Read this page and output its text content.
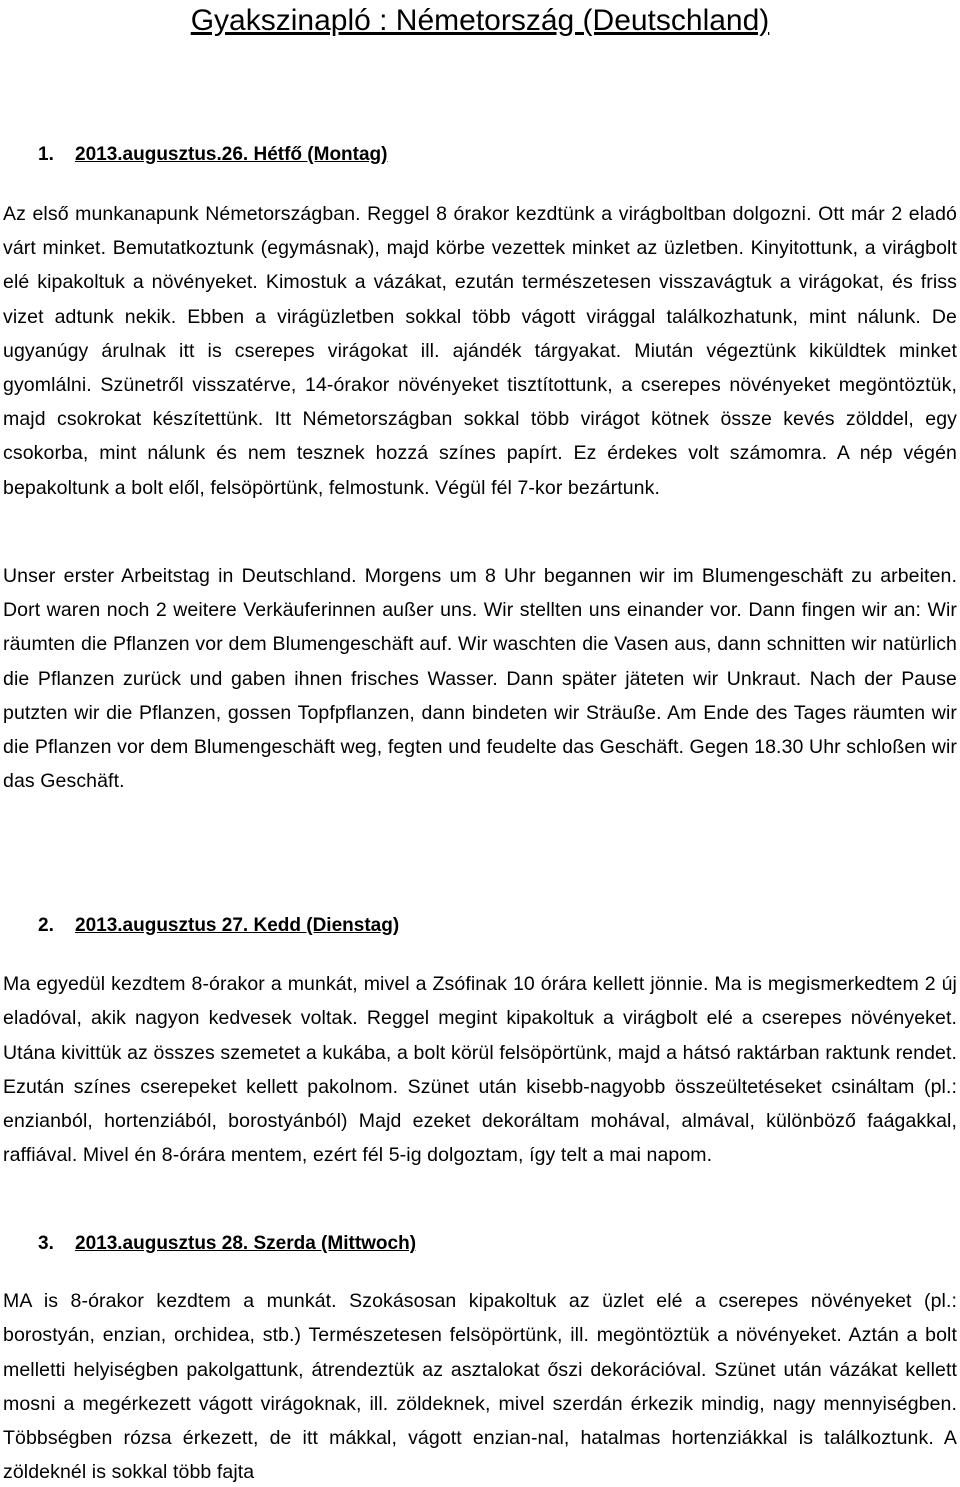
Gyakszinapló : Németország (Deutschland)
1. 2013.augusztus.26. Hétfő (Montag)

Az első munkanapunk Németországban. Reggel 8 órakor kezdtünk a virágboltban dolgozni. Ott már 2 eladó várt minket. Bemutatkoztunk (egymásnak), majd körbe vezettek minket az üzletben. Kinyitottunk, a virágbolt elé kipakoltuk a növényeket. Kimostuk a vázákat, ezután természetesen visszavágtuk a virágokat, és friss vizet adtunk nekik. Ebben a virágüzletben sokkal több vágott virággal találkozhatunk, mint nálunk. De ugyanúgy árulnak itt is cserepes virágokat ill. ajándék tárgyakat. Miután végeztünk kiküldtek minket gyomlálni. Szünetről visszatérve, 14-órakor növényeket tisztítottunk, a cserepes növényeket megöntöztük, majd csokrokat készítettünk. Itt Németországban sokkal több virágot kötnek össze kevés zölddel, egy csokorba, mint nálunk és nem tesznek hozzá színes papírt. Ez érdekes volt számomra. A nép végén bepakoltunk a bolt elől, felsöpörtünk, felmostunk. Végül fél 7-kor bezártunk.

Unser erster Arbeitstag in Deutschland. Morgens um 8 Uhr begannen wir im Blumengeschäft zu arbeiten. Dort waren noch 2 weitere Verkäuferinnen außer uns. Wir stellten uns einander vor. Dann fingen wir an: Wir räumten die Pflanzen vor dem Blumengeschäft auf. Wir waschten die Vasen aus, dann schnitten wir natürlich die Pflanzen zurück und gaben ihnen frisches Wasser. Dann später jäteten wir Unkraut. Nach der Pause putzten wir die Pflanzen, gossen Topfpflanzen, dann bindeten wir Sträuße. Am Ende des Tages räumten wir die Pflanzen vor dem Blumengeschäft weg, fegten und feudelte das Geschäft. Gegen 18.30 Uhr schloßen wir das Geschäft.

2. 2013.augusztus 27. Kedd (Dienstag)

Ma egyedül kezdtem 8-órakor a munkát, mivel a Zsófinak 10 órára kellett jönnie. Ma is megismerkedtem 2 új eladóval, akik nagyon kedvesek voltak. Reggel megint kipakoltuk a virágbolt elé a cserepes növényeket. Utána kivittük az összes szemetet a kukába, a bolt körül felsöpörtünk, majd a hátsó raktárban raktunk rendet. Ezután színes cserepeket kellett pakolnom. Szünet után kisebb-nagyobb összeültetéseket csináltam (pl.: enzianból, hortenziából, borostyánból) Majd ezeket dekoráltam mohával, almával, különböző faágakkal, raffiával. Mivel én 8-órára mentem, ezért fél 5-ig dolgoztam, így telt a mai napom.

3. 2013.augusztus 28. Szerda (Mittwoch)

MA is 8-órakor kezdtem a munkát. Szokásosan kipakoltuk az üzlet elé a cserepes növényeket (pl.: borostyán, enzian, orchidea, stb.) Természetesen felsöpörtünk, ill. megöntöztük a növényeket. Aztán a bolt melletti helyiségben pakolgattunk, átrendeztük az asztalokat őszi dekorációval. Szünet után vázákat kellett mosni a megérkezett vágott virágoknak, ill. zöldeknek, mivel szerdán érkezik mindig, nagy mennyiségben. Többségben rózsa érkezett, de itt mákkal, vágott enzian-nal, hatalmas hortenziákkal is találkoztunk. A zöldeknél is sokkal több fajta
